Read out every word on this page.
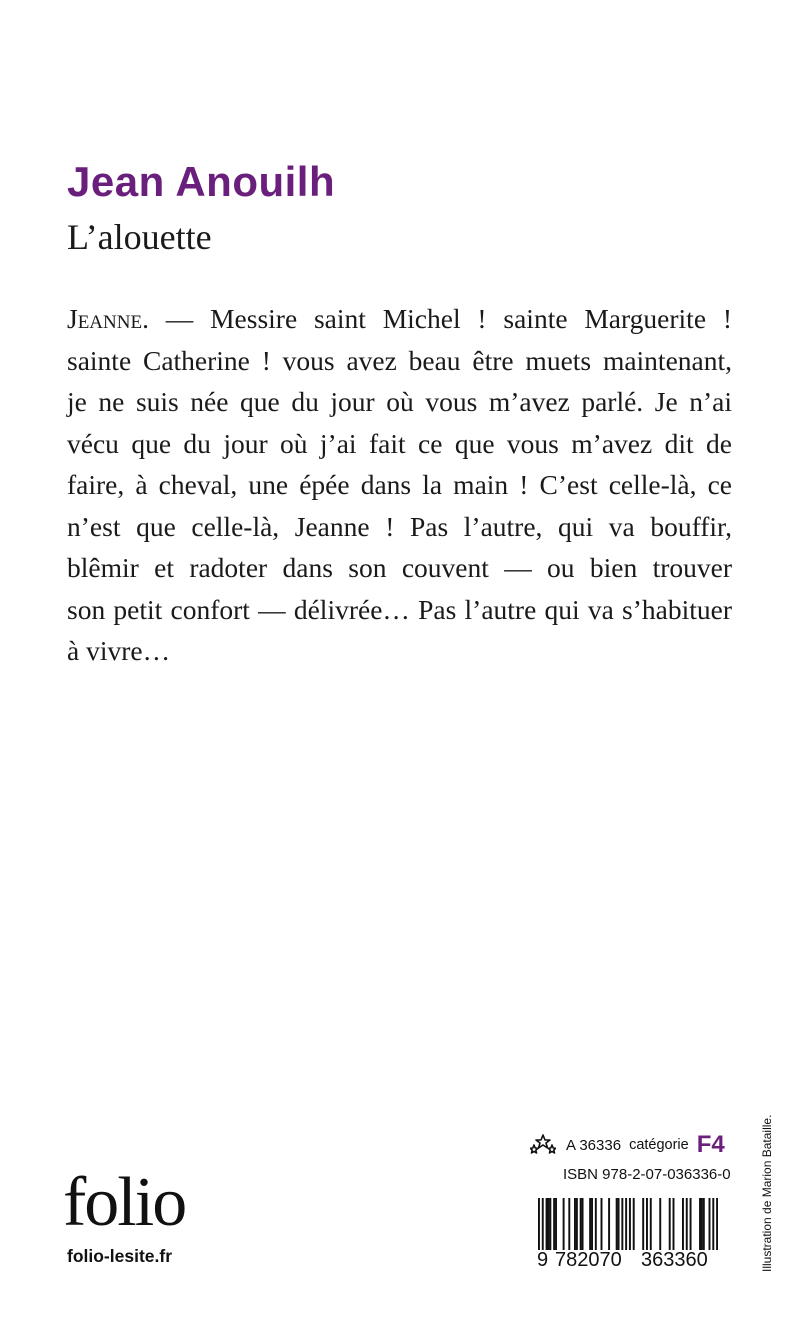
Jean Anouilh
L’alouette
Jeanne. — Messire saint Michel ! sainte Marguerite !
sainte Catherine ! vous avez beau être muets maintenant,
je ne suis née que du jour où vous m’avez parlé. Je n’ai
vécu que du jour où j’ai fait ce que vous m’avez dit de
faire, à cheval, une épée dans la main ! C’est celle-là, ce
n’est que celle-là, Jeanne ! Pas l’autre, qui va bouffir,
blêmir et radoter dans son couvent — ou bien trouver
son petit confort — délivrée… Pas l’autre qui va s’habituer
à vivre…
folio
folio-lesite.fr
A 36336 catégorie F4
ISBN 978-2-07-036336-0
9 782070 363360	Illustration de Marion Bataille.
